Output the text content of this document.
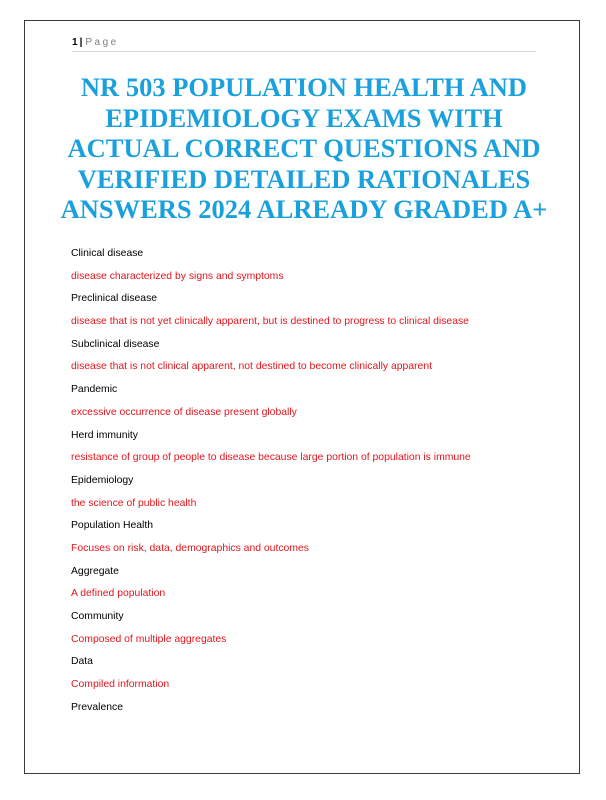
1 | Page
NR 503 POPULATION HEALTH AND
EPIDEMIOLOGY EXAMS WITH
ACTUAL CORRECT QUESTIONS AND
VERIFIED DETAILED RATIONALES
ANSWERS 2024 ALREADY GRADED A+
Clinical disease
disease characterized by signs and symptoms
Preclinical disease
disease that is not yet clinically apparent, but is destined to progress to clinical disease
Subclinical disease
disease that is not clinical apparent, not destined to become clinically apparent
Pandemic
excessive occurrence of disease present globally
Herd immunity
resistance of group of people to disease because large portion of population is immune
Epidemiology
the science of public health
Population Health
Focuses on risk, data, demographics and outcomes
Aggregate
A defined population
Community
Composed of multiple aggregates
Data
Compiled information
Prevalence
